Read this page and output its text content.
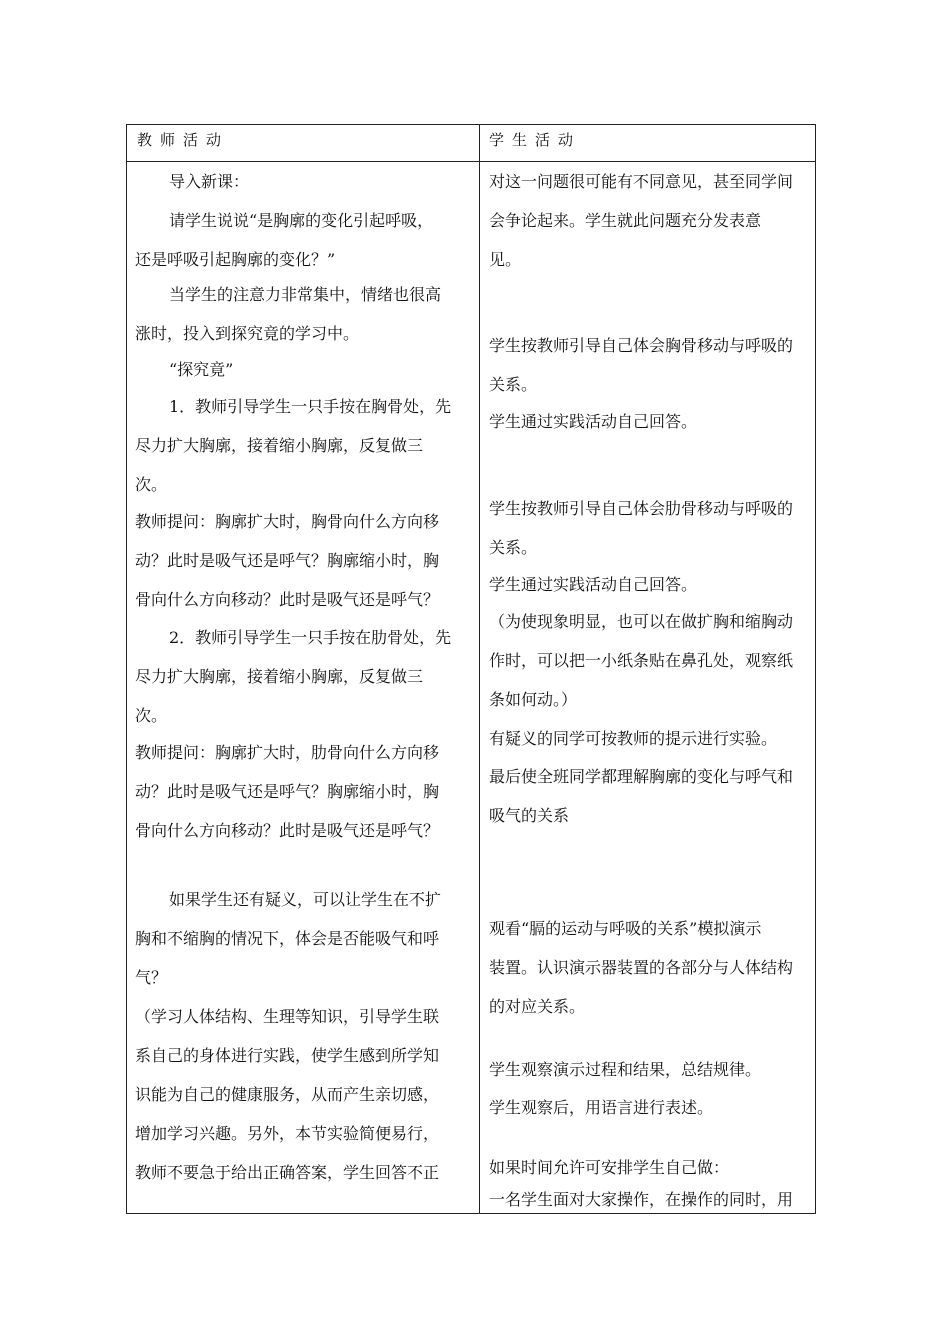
教师活动	学生活动

导入新课：

请学生说说“是胸廓的变化引起呼吸，
还是呼吸引起胸廓的变化？”

当学生的注意力非常集中，情绪也很高
涨时，投入到探究竟的学习中。

“探究竟”

1．教师引导学生一只手按在胸骨处，先
尽力扩大胸廓，接着缩小胸廓，反复做三
次。

教师提问：胸廓扩大时，胸骨向什么方向移
动？此时是吸气还是呼气？胸廓缩小时，胸
骨向什么方向移动？此时是吸气还是呼气？

2．教师引导学生一只手按在肋骨处，先
尽力扩大胸廓，接着缩小胸廓，反复做三
次。

教师提问：胸廓扩大时，肋骨向什么方向移
动？此时是吸气还是呼气？胸廓缩小时，胸
骨向什么方向移动？此时是吸气还是呼气？

如果学生还有疑义，可以让学生在不扩
胸和不缩胸的情况下，体会是否能吸气和呼
气？

（学习人体结构、生理等知识，引导学生联
系自己的身体进行实践，使学生感到所学知
识能为自己的健康服务，从而产生亲切感，
增加学习兴趣。另外，本节实验简便易行，
教师不要急于给出正确答案，学生回答不正

对这一问题很可能有不同意见，甚至同学间
会争论起来。学生就此问题充分发表意
见。

学生按教师引导自己体会胸骨移动与呼吸的
关系。

学生通过实践活动自己回答。

学生按教师引导自己体会肋骨移动与呼吸的
关系。

学生通过实践活动自己回答。

（为使现象明显，也可以在做扩胸和缩胸动
作时，可以把一小纸条贴在鼻孔处，观察纸
条如何动。）

有疑义的同学可按教师的提示进行实验。

最后使全班同学都理解胸廓的变化与呼气和
吸气的关系

观看“膈的运动与呼吸的关系”模拟演示
装置。认识演示器装置的各部分与人体结构
的对应关系。

学生观察演示过程和结果，总结规律。

学生观察后，用语言进行表述。

如果时间允许可安排学生自己做：

一名学生面对大家操作，在操作的同时，用
